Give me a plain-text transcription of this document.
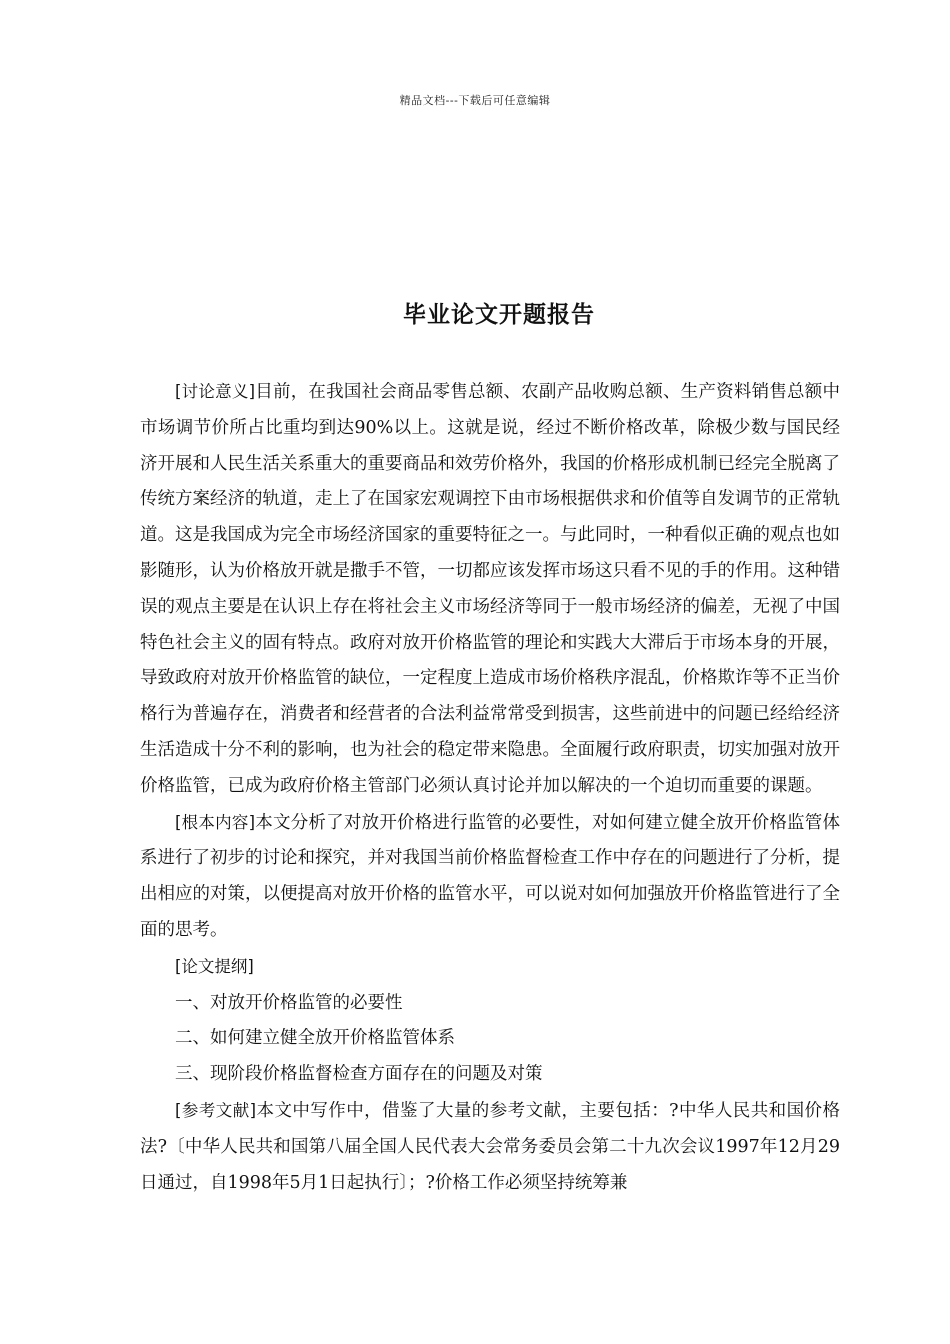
精品文档---下载后可任意编辑
毕业论文开题报告

[讨论意义]目前，在我国社会商品零售总额、农副产品收购总额、生产资料销售总额中市场调节价所占比重均到达90%以上。这就是说，经过不断价格改革，除极少数与国民经济开展和人民生活关系重大的重要商品和效劳价格外，我国的价格形成机制已经完全脱离了传统方案经济的轨道，走上了在国家宏观调控下由市场根据供求和价值等自发调节的正常轨道。这是我国成为完全市场经济国家的重要特征之一。与此同时，一种看似正确的观点也如影随形，认为价格放开就是撒手不管，一切都应该发挥市场这只看不见的手的作用。这种错误的观点主要是在认识上存在将社会主义市场经济等同于一般市场经济的偏差，无视了中国特色社会主义的固有特点。政府对放开价格监管的理论和实践大大滞后于市场本身的开展，导致政府对放开价格监管的缺位，一定程度上造成市场价格秩序混乱，价格欺诈等不正当价格行为普遍存在，消费者和经营者的合法利益常常受到损害，这些前进中的问题已经给经济生活造成十分不利的影响，也为社会的稳定带来隐患。全面履行政府职责，切实加强对放开价格监管，已成为政府价格主管部门必须认真讨论并加以解决的一个迫切而重要的课题。

[根本内容]本文分析了对放开价格进行监管的必要性，对如何建立健全放开价格监管体系进行了初步的讨论和探究，并对我国当前价格监督检查工作中存在的问题进行了分析，提出相应的对策，以便提高对放开价格的监管水平，可以说对如何加强放开价格监管进行了全面的思考。

[论文提纲]

一、对放开价格监管的必要性

二、如何建立健全放开价格监管体系

三、现阶段价格监督检查方面存在的问题及对策

[参考文献]本文中写作中，借鉴了大量的参考文献，主要包括：?中华人民共和国价格法?〔中华人民共和国第八届全国人民代表大会常务委员会第二十九次会议1997年12月29日通过，自1998年5月1日起执行〕；?价格工作必须坚持统筹兼
